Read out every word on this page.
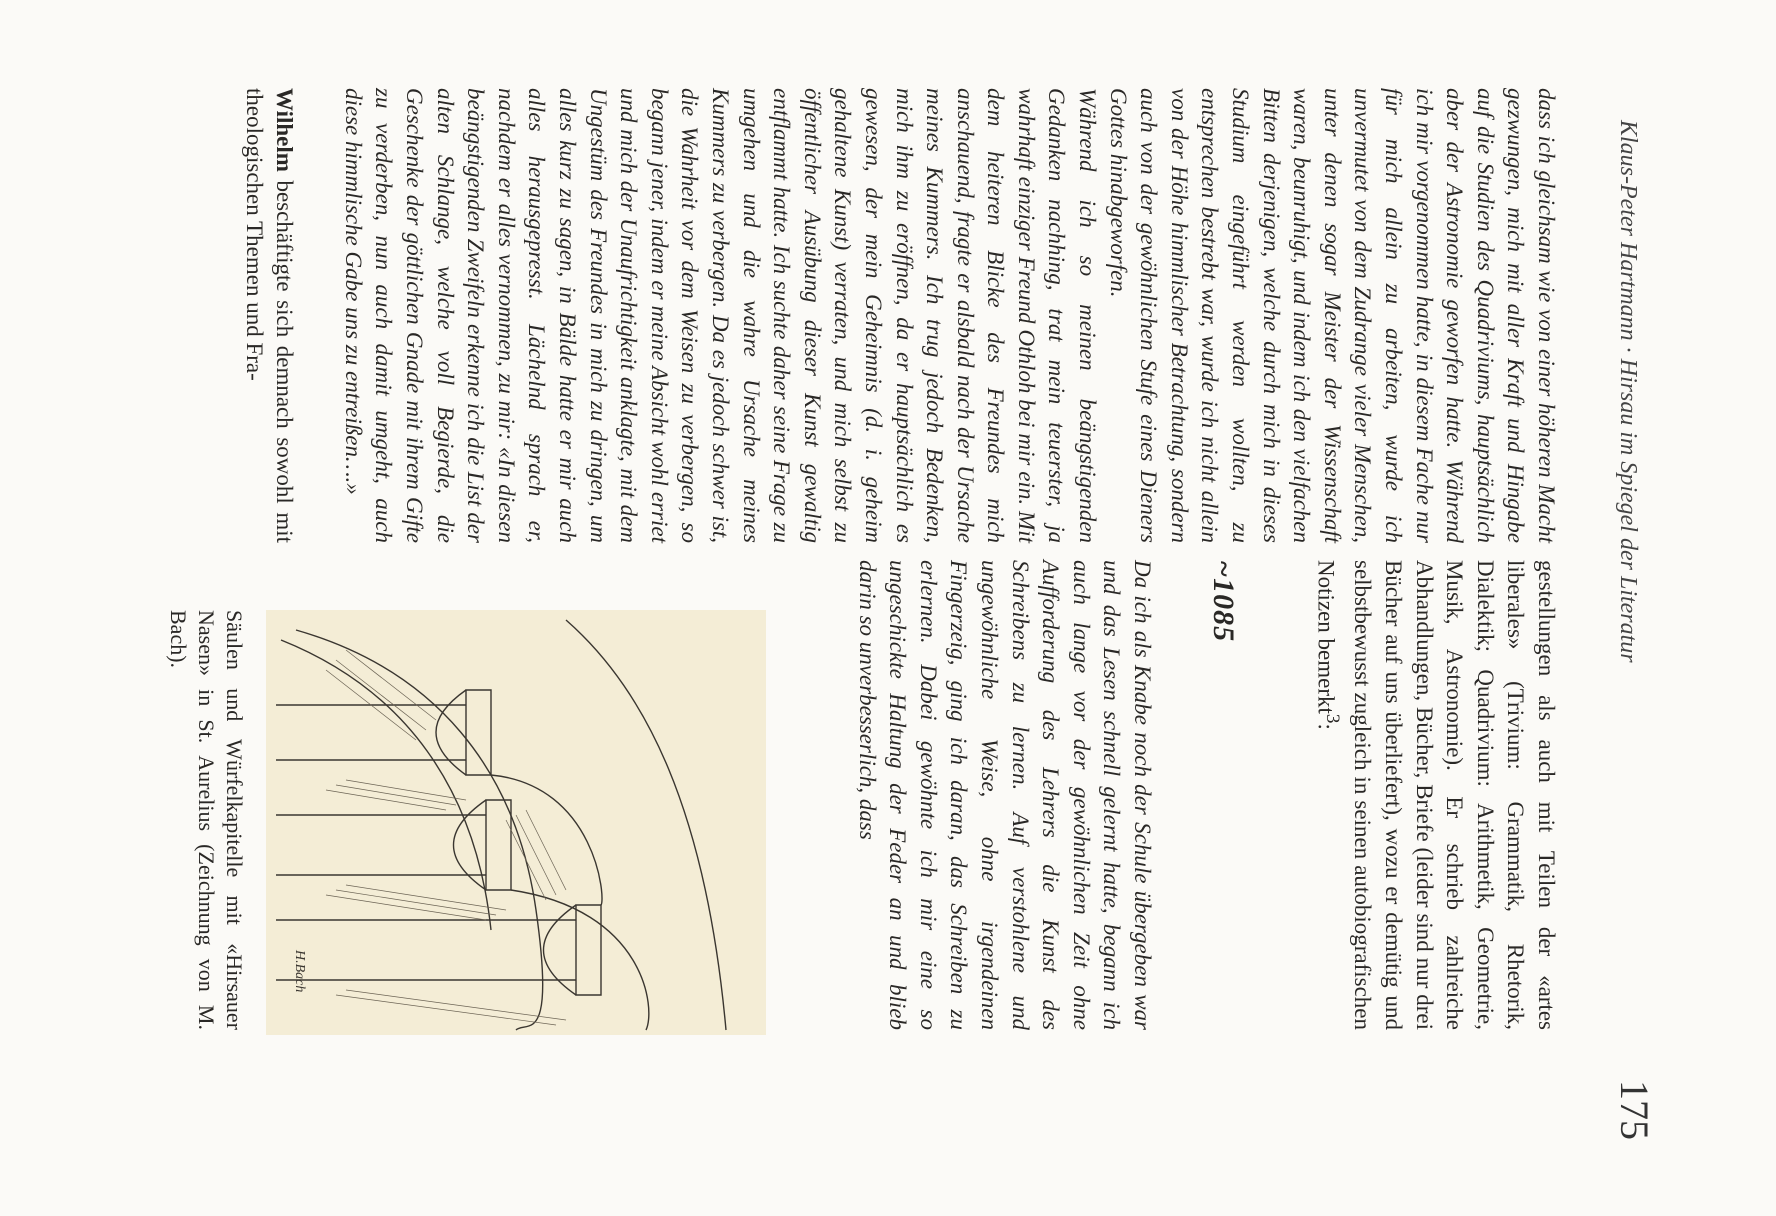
Klaus-Peter Hartmann · Hirsau im Spiegel der Literatur
175

dass ich gleichsam wie von einer höheren Macht gezwungen, mich mit aller Kraft und Hingabe auf die Studien des Quadriviums, hauptsächlich aber der Astronomie geworfen hatte. Während ich mir vorgenommen hatte, in diesem Fache nur für mich allein zu arbeiten, wurde ich unvermutet von dem Zudrange vieler Menschen, unter denen sogar Meister der Wissenschaft waren, beunruhigt, und indem ich den vielfachen Bitten derjenigen, welche durch mich in dieses Studium eingeführt werden wollten, zu entsprechen bestrebt war, wurde ich nicht allein von der Höhe himmlischer Betrachtung, sondern auch von der gewöhnlichen Stufe eines Dieners Gottes hinabgeworfen.

Während ich so meinen beängstigenden Gedanken nachhing, trat mein teuerster, ja wahrhaft einziger Freund Othloh bei mir ein. Mit dem heiteren Blicke des Freundes mich anschauend, fragte er alsbald nach der Ursache meines Kummers. Ich trug jedoch Bedenken, mich ihm zu eröffnen, da er hauptsächlich es gewesen, der mein Geheimnis (d. i. geheim gehaltene Kunst) verraten, und mich selbst zu öffentlicher Ausübung dieser Kunst gewaltig entflammt hatte. Ich suchte daher seine Frage zu umgehen und die wahre Ursache meines Kummers zu verbergen. Da es jedoch schwer ist, die Wahrheit vor dem Weisen zu verbergen, so begann jener, indem er meine Absicht wohl erriet und mich der Unaufrichtigkeit anklagte, mit dem Ungestüm des Freundes in mich zu dringen, um alles kurz zu sagen, in Bälde hatte er mir auch alles herausgepresst. Lächelnd sprach er, nachdem er alles vernommen, zu mir: «In diesen beängstigenden Zweifeln erkenne ich die List der alten Schlange, welche voll Begierde, die Geschenke der göttlichen Gnade mit ihrem Gifte zu verderben, nun auch damit umgeht, auch diese himmlische Gabe uns zu entreißen….»

Wilhelm beschäftigte sich demnach sowohl mit theologischen Themen und Fra-

gestellungen als auch mit Teilen der «artes liberales» (Trivium: Grammatik, Rhetorik, Dialektik; Quadrivium: Arithmetik, Geometrie, Musik, Astronomie). Er schrieb zahlreiche Abhandlungen, Bücher, Briefe (leider sind nur drei Bücher auf uns überliefert), wozu er demütig und selbstbewusst zugleich in seinen autobiografischen Notizen bemerkt$^3$:

~1085

Da ich als Knabe noch der Schule übergeben war und das Lesen schnell gelernt hatte, begann ich auch lange vor der gewöhnlichen Zeit ohne Aufforderung des Lehrers die Kunst des Schreibens zu lernen. Auf verstohlene und ungewöhnliche Weise, ohne irgendeinen Fingerzeig, ging ich daran, das Schreiben zu erlernen. Dabei gewöhnte ich mir eine so ungeschickte Haltung der Feder an und blieb darin so unverbesserlich, dass

H.Bach
Säulen und Würfelkapitelle mit «Hirsauer Nasen» in St. Aurelius (Zeichnung von M. Bach).
